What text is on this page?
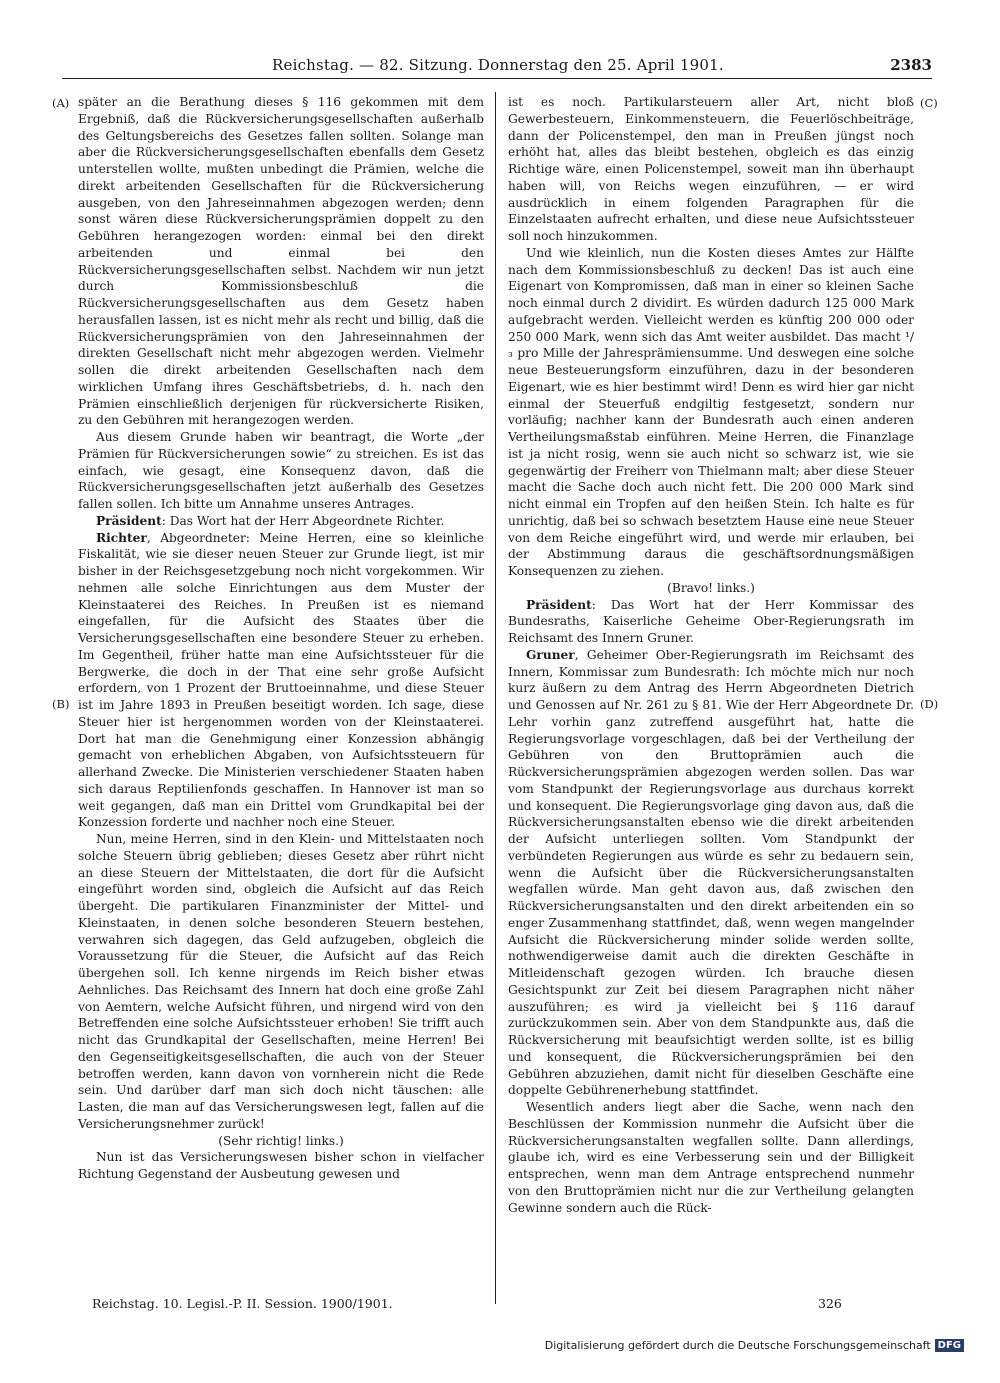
Reichstag. — 82. Sitzung. Donnerstag den 25. April 1901.	2383
(A)
(B)
(C)
(D)

später an die Berathung dieses § 116 gekommen mit dem Ergebniß, daß die Rückversicherungsgesellschaften außerhalb des Geltungsbereichs des Gesetzes fallen sollten. Solange man aber die Rückversicherungsgesellschaften ebenfalls dem Gesetz unterstellen wollte, mußten unbedingt die Prämien, welche die direkt arbeitenden Gesellschaften für die Rückversicherung ausgeben, von den Jahreseinnahmen abgezogen werden; denn sonst wären diese Rückversicherungsprämien doppelt zu den Gebühren herangezogen worden: einmal bei den direkt arbeitenden und einmal bei den Rückversicherungsgesellschaften selbst. Nachdem wir nun jetzt durch Kommissionsbeschluß die Rückversicherungsgesellschaften aus dem Gesetz haben herausfallen lassen, ist es nicht mehr als recht und billig, daß die Rückversicherungsprämien von den Jahreseinnahmen der direkten Gesellschaft nicht mehr abgezogen werden. Vielmehr sollen die direkt arbeitenden Gesellschaften nach dem wirklichen Umfang ihres Geschäftsbetriebs, d. h. nach den Prämien einschließlich derjenigen für rückversicherte Risiken, zu den Gebühren mit herangezogen werden.

Aus diesem Grunde haben wir beantragt, die Worte „der Prämien für Rückversicherungen sowie“ zu streichen. Es ist das einfach, wie gesagt, eine Konsequenz davon, daß die Rückversicherungsgesellschaften jetzt außerhalb des Gesetzes fallen sollen. Ich bitte um Annahme unseres Antrages.

Präsident: Das Wort hat der Herr Abgeordnete Richter.

Richter, Abgeordneter: Meine Herren, eine so kleinliche Fiskalität, wie sie dieser neuen Steuer zur Grunde liegt, ist mir bisher in der Reichsgesetzgebung noch nicht vorgekommen. Wir nehmen alle solche Einrichtungen aus dem Muster der Kleinstaaterei des Reiches. In Preußen ist es niemand eingefallen, für die Aufsicht des Staates über die Versicherungsgesellschaften eine besondere Steuer zu erheben. Im Gegentheil, früher hatte man eine Aufsichtssteuer für die Bergwerke, die doch in der That eine sehr große Aufsicht erfordern, von 1 Prozent der Bruttoeinnahme, und diese Steuer ist im Jahre 1893 in Preußen beseitigt worden. Ich sage, diese Steuer hier ist hergenommen worden von der Kleinstaaterei. Dort hat man die Genehmigung einer Konzession abhängig gemacht von erheblichen Abgaben, von Aufsichtssteuern für allerhand Zwecke. Die Ministerien verschiedener Staaten haben sich daraus Reptilienfonds geschaffen. In Hannover ist man so weit gegangen, daß man ein Drittel vom Grundkapital bei der Konzession forderte und nachher noch eine Steuer.

Nun, meine Herren, sind in den Klein- und Mittelstaaten noch solche Steuern übrig geblieben; dieses Gesetz aber rührt nicht an diese Steuern der Mittelstaaten, die dort für die Aufsicht eingeführt worden sind, obgleich die Aufsicht auf das Reich übergeht. Die partikularen Finanzminister der Mittel- und Kleinstaaten, in denen solche besonderen Steuern bestehen, verwahren sich dagegen, das Geld aufzugeben, obgleich die Voraussetzung für die Steuer, die Aufsicht auf das Reich übergehen soll. Ich kenne nirgends im Reich bisher etwas Aehnliches. Das Reichsamt des Innern hat doch eine große Zahl von Aemtern, welche Aufsicht führen, und nirgend wird von den Betreffenden eine solche Aufsichtssteuer erhoben! Sie trifft auch nicht das Grundkapital der Gesellschaften, meine Herren! Bei den Gegenseitigkeitsgesellschaften, die auch von der Steuer betroffen werden, kann davon von vornherein nicht die Rede sein. Und darüber darf man sich doch nicht täuschen: alle Lasten, die man auf das Versicherungswesen legt, fallen auf die Versicherungsnehmer zurück!

(Sehr richtig! links.)

Nun ist das Versicherungswesen bisher schon in vielfacher Richtung Gegenstand der Ausbeutung gewesen und

ist es noch. Partikularsteuern aller Art, nicht bloß Gewerbesteuern, Einkommensteuern, die Feuerlöschbeiträge, dann der Policenstempel, den man in Preußen jüngst noch erhöht hat, alles das bleibt bestehen, obgleich es das einzig Richtige wäre, einen Policenstempel, soweit man ihn überhaupt haben will, von Reichs wegen einzuführen, — er wird ausdrücklich in einem folgenden Paragraphen für die Einzelstaaten aufrecht erhalten, und diese neue Aufsichtssteuer soll noch hinzukommen.

Und wie kleinlich, nun die Kosten dieses Amtes zur Hälfte nach dem Kommissionsbeschluß zu decken! Das ist auch eine Eigenart von Kompromissen, daß man in einer so kleinen Sache noch einmal durch 2 dividirt. Es würden dadurch 125 000 Mark aufgebracht werden. Vielleicht werden es künftig 200 000 oder 250 000 Mark, wenn sich das Amt weiter ausbildet. Das macht ¹/₃ pro Mille der Jahresprämiensumme. Und deswegen eine solche neue Besteuerungsform einzuführen, dazu in der besonderen Eigenart, wie es hier bestimmt wird! Denn es wird hier gar nicht einmal der Steuerfuß endgiltig festgesetzt, sondern nur vorläufig; nachher kann der Bundesrath auch einen anderen Vertheilungsmaßstab einführen. Meine Herren, die Finanzlage ist ja nicht rosig, wenn sie auch nicht so schwarz ist, wie sie gegenwärtig der Freiherr von Thielmann malt; aber diese Steuer macht die Sache doch auch nicht fett. Die 200 000 Mark sind nicht einmal ein Tropfen auf den heißen Stein. Ich halte es für unrichtig, daß bei so schwach besetztem Hause eine neue Steuer von dem Reiche eingeführt wird, und werde mir erlauben, bei der Abstimmung daraus die geschäftsordnungsmäßigen Konsequenzen zu ziehen.

(Bravo! links.)

Präsident: Das Wort hat der Herr Kommissar des Bundesraths, Kaiserliche Geheime Ober-Regierungsrath im Reichsamt des Innern Gruner.

Gruner, Geheimer Ober-Regierungsrath im Reichsamt des Innern, Kommissar zum Bundesrath: Ich möchte mich nur noch kurz äußern zu dem Antrag des Herrn Abgeordneten Dietrich und Genossen auf Nr. 261 zu § 81. Wie der Herr Abgeordnete Dr. Lehr vorhin ganz zutreffend ausgeführt hat, hatte die Regierungsvorlage vorgeschlagen, daß bei der Vertheilung der Gebühren von den Bruttoprämien auch die Rückversicherungsprämien abgezogen werden sollen. Das war vom Standpunkt der Regierungsvorlage aus durchaus korrekt und konsequent. Die Regierungsvorlage ging davon aus, daß die Rückversicherungsanstalten ebenso wie die direkt arbeitenden der Aufsicht unterliegen sollten. Vom Standpunkt der verbündeten Regierungen aus würde es sehr zu bedauern sein, wenn die Aufsicht über die Rückversicherungsanstalten wegfallen würde. Man geht davon aus, daß zwischen den Rückversicherungsanstalten und den direkt arbeitenden ein so enger Zusammenhang stattfindet, daß, wenn wegen mangelnder Aufsicht die Rückversicherung minder solide werden sollte, nothwendigerweise damit auch die direkten Geschäfte in Mitleidenschaft gezogen würden. Ich brauche diesen Gesichtspunkt zur Zeit bei diesem Paragraphen nicht näher auszuführen; es wird ja vielleicht bei § 116 darauf zurückzukommen sein. Aber von dem Standpunkte aus, daß die Rückversicherung mit beaufsichtigt werden sollte, ist es billig und konsequent, die Rückversicherungsprämien bei den Gebühren abzuziehen, damit nicht für dieselben Geschäfte eine doppelte Gebührenerhebung stattfindet.

Wesentlich anders liegt aber die Sache, wenn nach den Beschlüssen der Kommission nunmehr die Aufsicht über die Rückversicherungsanstalten wegfallen sollte. Dann allerdings, glaube ich, wird es eine Verbesserung sein und der Billigkeit entsprechen, wenn man dem Antrage entsprechend nunmehr von den Bruttoprämien nicht nur die zur Vertheilung gelangten Gewinne sondern auch die Rück-

Reichstag. 10. Legisl.-P. II. Session. 1900/1901.	326
Digitalisierung gefördert durch die Deutsche Forschungsgemeinschaft DFG
